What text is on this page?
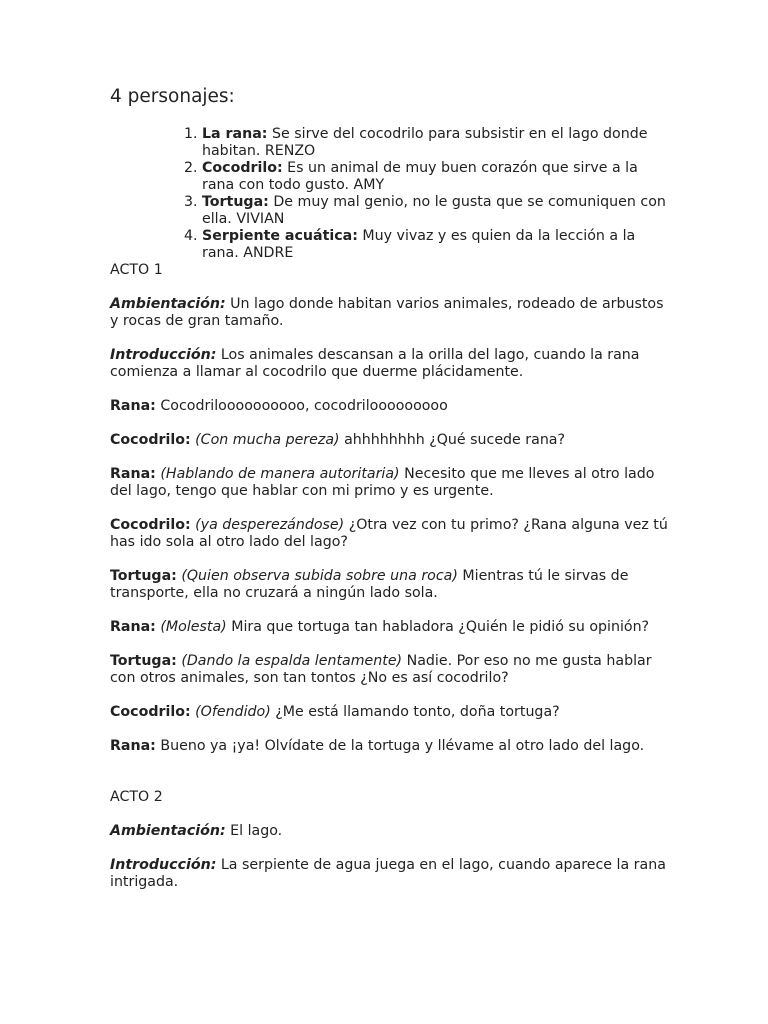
4 personajes:
1. La rana: Se sirve del cocodrilo para subsistir en el lago donde habitan. RENZO
2. Cocodrilo: Es un animal de muy buen corazón que sirve a la rana con todo gusto. AMY
3. Tortuga: De muy mal genio, no le gusta que se comuniquen con ella. VIVIAN
4. Serpiente acuática: Muy vivaz y es quien da la lección a la rana. ANDRE
ACTO 1
Ambientación: Un lago donde habitan varios animales, rodeado de arbustos y rocas de gran tamaño.
Introducción: Los animales descansan a la orilla del lago, cuando la rana comienza a llamar al cocodrilo que duerme plácidamente.
Rana: Cocodriloooooooooo, cocodrilooooooooo
Cocodrilo: (Con mucha pereza) ahhhhhhhh ¿Qué sucede rana?
Rana: (Hablando de manera autoritaria) Necesito que me lleves al otro lado del lago, tengo que hablar con mi primo y es urgente.
Cocodrilo: (ya desperezándose) ¿Otra vez con tu primo? ¿Rana alguna vez tú has ido sola al otro lado del lago?
Tortuga: (Quien observa subida sobre una roca) Mientras tú le sirvas de transporte, ella no cruzará a ningún lado sola.
Rana: (Molesta) Mira que tortuga tan habladora ¿Quién le pidió su opinión?
Tortuga: (Dando la espalda lentamente) Nadie. Por eso no me gusta hablar con otros animales, son tan tontos ¿No es así cocodrilo?
Cocodrilo: (Ofendido) ¿Me está llamando tonto, doña tortuga?
Rana: Bueno ya ¡ya! Olvídate de la tortuga y llévame al otro lado del lago.
ACTO 2
Ambientación: El lago.
Introducción: La serpiente de agua juega en el lago, cuando aparece la rana intrigada.
